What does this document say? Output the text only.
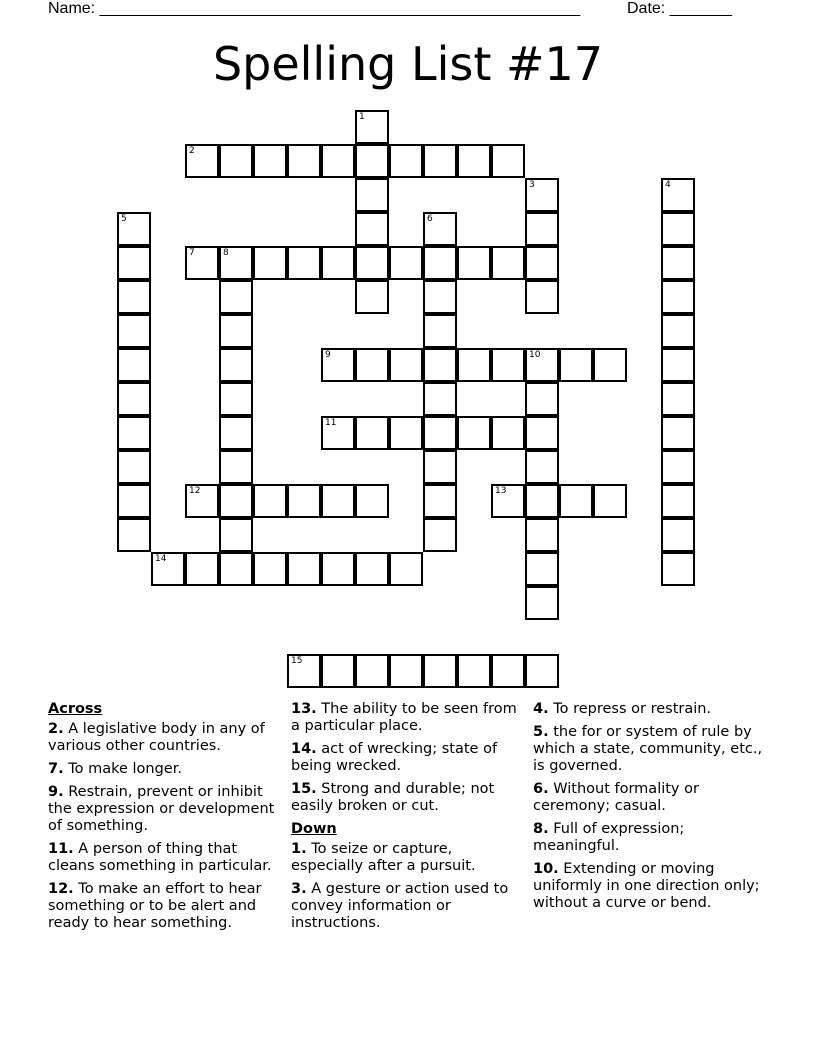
Name: ______________________________________________________	Date: _______
Spelling List #17
1
2
3	4
5	6
7	8
9	10
11
12	13
14
15
Across
2. A legislative body in any of various other countries.
7. To make longer.
9. Restrain, prevent or inhibit the expression or development of something.
11. A person of thing that cleans something in particular.
12. To make an effort to hear something or to be alert and ready to hear something.
13. The ability to be seen from a particular place.
14. act of wrecking; state of being wrecked.
15. Strong and durable; not easily broken or cut.
Down
1. To seize or capture, especially after a pursuit.
3. A gesture or action used to convey information or instructions.
4. To repress or restrain.
5. the for or system of rule by which a state, community, etc., is governed.
6. Without formality or ceremony; casual.
8. Full of expression; meaningful.
10. Extending or moving uniformly in one direction only; without a curve or bend.
